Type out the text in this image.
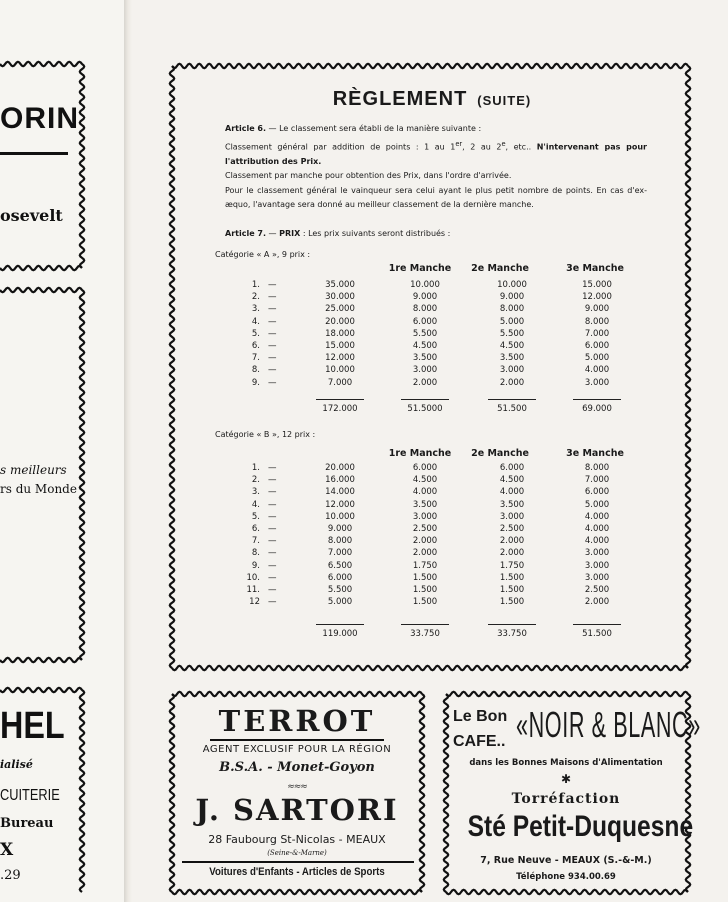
ORIN
osevelt
s meilleurs
rs du Monde
HEL
ialisé
CUITERIE
Bureau
X
.29
RÈGLEMENT (SUITE)
Article 6. — Le classement sera établi de la manière suivante :
Classement général par addition de points : 1 au 1er, 2 au 2e, etc.. N'intervenant pas pour l'attribution des Prix.
Classement par manche pour obtention des Prix, dans l'ordre d'arrivée.
Pour le classement général le vainqueur sera celui ayant le plus petit nombre de points. En cas d'ex-æquo, l'avantage sera donné au meilleur classement de la dernière manche.
Article 7. — PRIX : Les prix suivants seront distribués :
Catégorie « A », 9 prix :
1re Manche	2e Manche	3e Manche
1. —	35.000	10.000	10.000	15.000
2. —	30.000	9.000	9.000	12.000
3. —	25.000	8.000	8.000	9.000
4. —	20.000	6.000	5.000	8.000
5. —	18.000	5.500	5.500	7.000
6. —	15.000	4.500	4.500	6.000
7. —	12.000	3.500	3.500	5.000
8. —	10.000	3.000	3.000	4.000
9. —	7.000	2.000	2.000	3.000
172.000	51.5000	51.500	69.000
Catégorie « B », 12 prix :
1re Manche	2e Manche	3e Manche
1. —	20.000	6.000	6.000	8.000
2. —	16.000	4.500	4.500	7.000
3. —	14.000	4.000	4.000	6.000
4. —	12.000	3.500	3.500	5.000
5. —	10.000	3.000	3.000	4.000
6. —	9.000	2.500	2.500	4.000
7. —	8.000	2.000	2.000	4.000
8. —	7.000	2.000	2.000	3.000
9. —	6.500	1.750	1.750	3.000
10. —	6.000	1.500	1.500	3.000
11. —	5.500	1.500	1.500	2.500
12 —	5.000	1.500	1.500	2.000
119.000	33.750	33.750	51.500
TERROT
AGENT EXCLUSIF POUR LA RÉGION
B.S.A. - Monet-Goyon
≈≈≈
J. SARTORI
28 Faubourg St-Nicolas - MEAUX
(Seine-&-Marne)
Voitures d'Enfants - Articles de Sports
Le Bon
CAFE.. «NOIR & BLANC»
dans les Bonnes Maisons d'Alimentation
✱
Torréfaction
Sté Petit-Duquesne
7, Rue Neuve - MEAUX (S.-&-M.)
Téléphone 934.00.69
